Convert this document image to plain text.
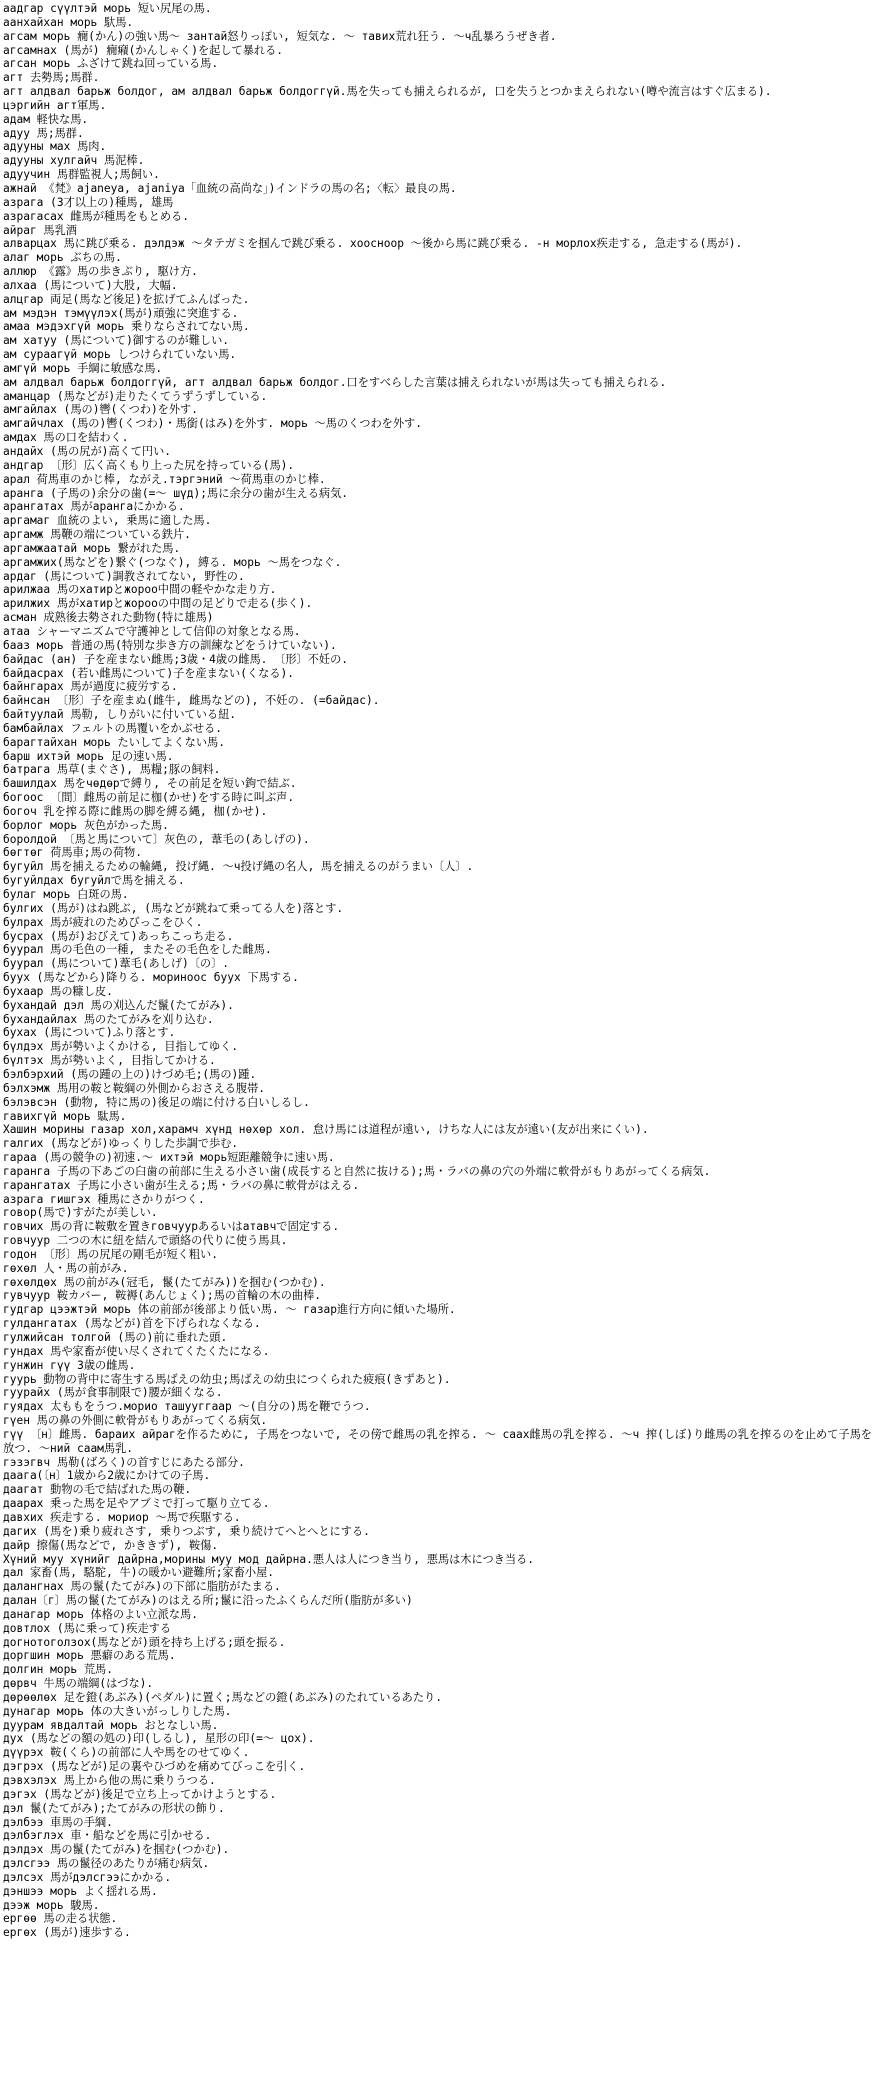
аадгар сүүлтэй морь 短い尻尾の馬.
аанхайхан морь 馱馬.
агсам морь 癇(かん)の強い馬～ зантай怒りっぽい, 短気な. ～ тавих荒れ狂う. ～ч乱暴ろうぜき者.
агсамнах (馬が) 癇癪(かんしゃく)を起して暴れる.
агсан морь ふざけて跳ね回っている馬.
агт 去勢馬;馬群.
агт алдвал барьж болдог, ам алдвал барьж болдоггүй.馬を失っても捕えられるが, 口を失うとつかまえられない(噂や流言はすぐ広まる).
цэргийн агт軍馬.
адам 軽快な馬.
адуу 馬;馬群.
адууны мах 馬肉.
адууны хулгайч 馬泥棒.
адуучин 馬群監視人;馬飼い.
ажнай 《梵》ajaneya, ajaniya「血統の高尚な」)インドラの馬の名;〈転〉最良の馬.
азрага (3才以上の)種馬, 雄馬
азрагасах 雌馬が種馬をもとめる.
айраг 馬乳酒
алварцах 馬に跳び乗る. дэлдэж ～タテガミを掴んで跳び乗る. хоосноор ～後から馬に跳び乗る. -н морлох疾走する, 急走する(馬が).
алаг морь ぶちの馬.
аллюр 《露》馬の歩きぶり, 駆け方.
алхаа (馬について)大股, 大幅.
алцгар 両足(馬など後足)を拡げてふんばった.
ам мэдэн тэмүүлэх(馬が)頑強に突進する.
амаа мэдэхгүй морь 乗りならされてない馬.
ам хатуу (馬について)御するのが難しい.
ам сураагүй морь しつけられていない馬.
амгүй морь 手綱に敏感な馬.
ам алдвал барьж болдоггүй, агт алдвал барьж болдог.口をすべらした言葉は捕えられないが馬は失っても捕えられる.
аманцар (馬などが)走りたくてうずうずしている.
амгайлах (馬の)轡(くつわ)を外す.
амгайчлах (馬の)轡(くつわ)・馬銜(はみ)を外す. морь ～馬のくつわを外す.
амдах 馬の口を結わく.
андайх (馬の尻が)高くて円い.
андгар 〔形〕広く高くもり上った尻を持っている(馬).
арал 荷馬車のかじ棒, ながえ.тэргэний ～荷馬車のかじ棒.
аранга (子馬の)余分の歯(=～ шүд);馬に余分の歯が生える病気.
арангатах 馬がарангаにかかる.
аргамаг 血統のよい, 乗馬に適した馬.
аргамж 馬鞭の端についている鉄片.
аргамжаатай морь 繋がれた馬.
аргамжих(馬などを)繋ぐ(つなぐ), 縛る. морь ～馬をつなぐ.
ардаг (馬について)調教されてない, 野性の.
арилжаа 馬のхатирとжороо中間の軽やかな走り方.
арилжих 馬がхатирとжорооの中間の足どりで走る(歩く).
асман 成熟後去勢された動物(特に雄馬)
атаа シャーマニズムで守護神として信仰の対象となる馬.
бааз морь 普通の馬(特別な歩き方の訓練などをうけていない).
байдас (ан) 子を産まない雌馬;3歳・4歳の雌馬. 〔形〕不妊の.
байдасрах (若い雌馬について)子を産まない(くなる).
байнгарах 馬が過度に疲労する.
байнсан 〔形〕子を産まぬ(雌牛, 雌馬などの), 不妊の. (=байдас).
байтуулай 馬勒, しりがいに付いている紐.
бамбайлах フェルトの馬覆いをかぶせる.
барагтайхан морь たいしてよくない馬.
барш ихтэй морь 足の速い馬.
батрага 馬草(まぐさ), 馬糧;豚の飼料.
башилдах 馬をчөдөрで縛り, その前足を短い鉤で結ぶ.
богоос 〔間〕雌馬の前足に枷(かせ)をする時に叫ぶ声.
богоч 乳を搾る際に雌馬の脚を縛る縄, 枷(かせ).
борлог морь 灰色がかった馬.
боролдой 〔馬と馬について〕灰色の, 葦毛の(あしげの).
бөгтөг 荷馬車;馬の荷物.
бугуйл 馬を捕えるための輪縄, 投げ縄. ～ч投げ縄の名人, 馬を捕えるのがうまい〔人〕.
бугуйлдах бугуйлで馬を捕える.
булаг морь 白斑の馬.
булгих (馬が)はね跳ぶ, (馬などが跳ねて乗ってる人を)落とす.
булрах 馬が疲れのためびっこをひく.
бусрах (馬が)おびえて)あっちこっち走る.
буурал 馬の毛色の一種, またその毛色をした雌馬.
буурал (馬について)葦毛(あしげ)〔の〕.
буух (馬などから)降りる. мориноос буух 下馬する.
бухаар 馬の糠し皮.
бухандай дэл 馬の刈込んだ鬣(たてがみ).
бухандайлах 馬のたてがみを刈り込む.
бухах (馬について)ふり落とす.
бүлдэх 馬が勢いよくかける, 目指してゆく.
бүлтэх 馬が勢いよく, 目指してかける.
бэлбэрхий (馬の踵の上の)けづめ毛;(馬の)踵.
бэлхэмж 馬用の鞍と鞍綱の外側からおさえる腹帯.
бэлэвсэн (動物, 特に馬の)後足の端に付ける白いしるし.
гавихгүй морь 駄馬.
Хашин морины газар хол,харамч хүнд нөхөр хол. 怠け馬には道程が遠い, けちな人には友が遠い(友が出来にくい).
галгих (馬などが)ゆっくりした歩調で歩む.
гараа (馬の競争の)初速.～ ихтэй морь短距離競争に速い馬.
гаранга 子馬の下あごの臼歯の前部に生える小さい歯(成長すると自然に抜ける);馬・ラバの鼻の穴の外端に軟骨がもりあがってくる病気.
гаранг​атах 子馬に小さい歯が生える;馬・ラバの鼻に軟骨がはえる.
азрага гишгэх 種馬にさかりがつく.
говор(馬で)すがたが美しい.
говчих 馬の背に鞍敷を置きговчуурあるいはатавчで固定する.
говчуур 二つの木に紐を結んで頭絡の代りに使う馬具.
годон 〔形〕馬の尻尾の剛毛が短く粗い.
гөхөл 人・馬の前がみ.
гөхөлдөх 馬の前がみ(冠毛, 鬣(たてがみ))を掴む(つかむ).
гувчуур 鞍カバー, 鞍褥(あんじょく);馬の首輪の木の曲棒.
гудгар цээжтэй морь 体の前部が後部より低い馬. ～ газар進行方向に傾いた場所.
гулдангатах (馬などが)首を下げられなくなる.
гулжийсан толгой (馬の)前に垂れた頭.
гундах 馬や家畜が使い尽くされてくたくたになる.
гунжин гүү 3歳の雌馬.
гуурь 動物の背中に寄生する馬ばえの幼虫;馬ばえの幼虫につくられた疲痕(きずあと).
гуурайх (馬が食事制限で)腰が細くなる.
гуядах 太ももをうつ.морио ташууггаар ～(自分の)馬を鞭でうつ.
гүен 馬の鼻の外側に軟骨がもりあがってくる病気.
гүү 〔н〕雌馬. бараих айрагを作るために, 子馬をつないで, その傍で雌馬の乳を搾る. ～ саах雌馬の乳を搾る. ～ч 搾(しぼ)り雌馬の乳を搾るのを止めて子馬を放つ. ～ний саам馬乳.
гэзэгвч 馬勒(ばろく)の首すじにあたる部分.
даага(〔н〕1歳から2歳にかけての子馬.
даагат 動物の毛で結ばれた馬の鞭.
даарах 乗った馬を足やアブミで打って駆り立てる.
давхих 疾走する. мориор ～馬で疾駆する.
дагих (馬を)乗り疲れさす, 乗りつぶす, 乗り続けてへとへとにする.
дайр 擦傷(馬などで, かききず), 鞍傷.
Хүний муу хүнийг дайрна,морины муу мод дайрна.悪人は人につき当り, 悪馬は木につき当る.
дал 家畜(馬, 駱駝, 牛)の暖かい避難所;家畜小屋.
далангнах 馬の鬣(たてがみ)の下部に脂肪がたまる.
далан〔г〕馬の鬣(たてがみ)のはえる所;鬣に沿ったふくらんだ所(脂肪が多い)
данагар морь 体格のよい立派な馬.
довтлох (馬に乗って)疾走する
догнотоголзох(馬などが)頭を持ち上げる;頭を振る.
доргшин морь 悪癖のある荒馬.
долгин морь 荒馬.
дөрвч 牛馬の端綱(はづな).
дөрөөлөх 足を鐙(あぶみ)(ペダル)に置く;馬などの鐙(あぶみ)のたれているあたり.
дунагар морь 体の大きいがっしりした馬.
дуурам явдалтай морь おとなしい馬.
дух (馬などの額の処の)印(しるし), 星形の印(=～ цох).
дүүрэх 鞍(くら)の前部に人や馬をのせてゆく.
дэгрэх (馬などが)足の裏やひづめを痛めてびっこを引く.
дэвхэлэх 馬上から他の馬に乗りうつる.
дэгэх (馬などが)後足で立ち上ってかけようとする.
дэл 鬣(たてがみ);たてがみの形状の飾り.
дэлбээ 車馬の手綱.
дэлбэглэх 車・船などを馬に引かせる.
дэлдэх 馬の鬣(たてがみ)を掴む(つかむ).
дэлсгээ 馬の鬣径のあたりが痛む病気.
дэлсэх 馬がдэлсгээにかかる.
дэншээ морь よく揺れる馬.
дээж морь 駿馬.
ергөө 馬の走る状態.
ергөх (馬が)速歩する.
